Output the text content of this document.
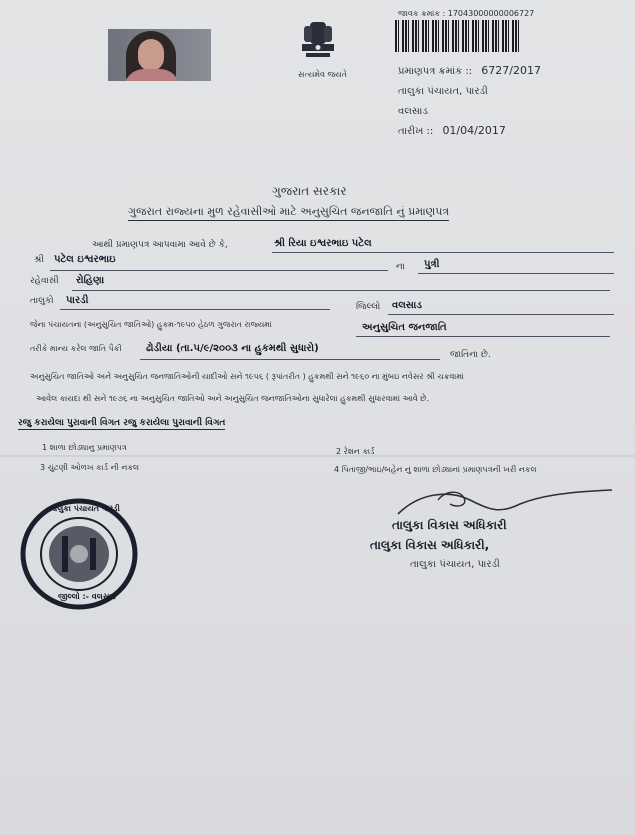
સત્યમેવ જયતે
જાવક ક્રમાંક : 17043000000006727
પ્રમાણપત્ર ક્રમાંક :: 6727/2017
તાલુકા પંચાયત, પારડી
વલસાડ
તારીખ :: 01/04/2017
ગુજરાત સરકાર
ગુજરાત રાજ્યના મુળ રહેવાસીઓ માટે અનુસુચિત જનજાતિ નું પ્રમાણપત્ર
આથી પ્રમાણપત્ર આપવામા આવે છે કે,	શ્રી રિયા ઇશ્વરભાઇ પટેલ
શ્રી પટેલ ઇશ્વરભાઇ
ના પુત્રી
રહેવાસી રોહિણા
તાલુકો પારડી
જિલ્લો વલસાડ
જેના પંચાયતના (અનુસુચિત જાતિઓ) હુકમ-૧૯૫૦ હેઠળ ગુજરાત રાજ્યમાં	અનુસુચિત જનજાતિ
તરીકે માન્ય કરેલ જાતિ પૈકી ઢોડીયા (તા.૫/૯/૨૦૦૩ ના હુકમથી સુધારો)
જાતિના છે.
અનુસુચિત જાતિઓ અને અનુસુચિત જનજાતિઓની યાદીઓ સને ૧૯૫૬ ( રૂપાંતરીત ) હુકમથી સને ૧૯૬૦ ના મુંબઇ નવેસર શ્રી ચક્રવામાં
આવેલ કાયદા થી સને ૧૯૭૬ ના અનુસુચિત જાતિઓ અને અનુસુચિત જનજાતિઓના સુધારેલા હુકમથી સુધારવામાં આવે છે.
રજુ કરાયેલા પુરાવાની વિગત રજુ કરાયેલા પુરાવાની વિગત
1 શાળા છોડ્યાનુ પ્રમાણપત્ર	2 રેશન કાર્ડ
3 ચુંટણી ઓળખ કાર્ડ ની નકલ	4 પિતાજી/ભાઇ/બહેન નું શાળા છોડ્યાનાં પ્રમાણપત્રની ખરી નકલ
તાલુકા પંચાયત પારડી
જીલ્લો :- વલસાડ
તાલુકા વિકાસ અધિકારી
તાલુકા વિકાસ અધિકારી,
તાલુકા પંચાયત, પારડી
